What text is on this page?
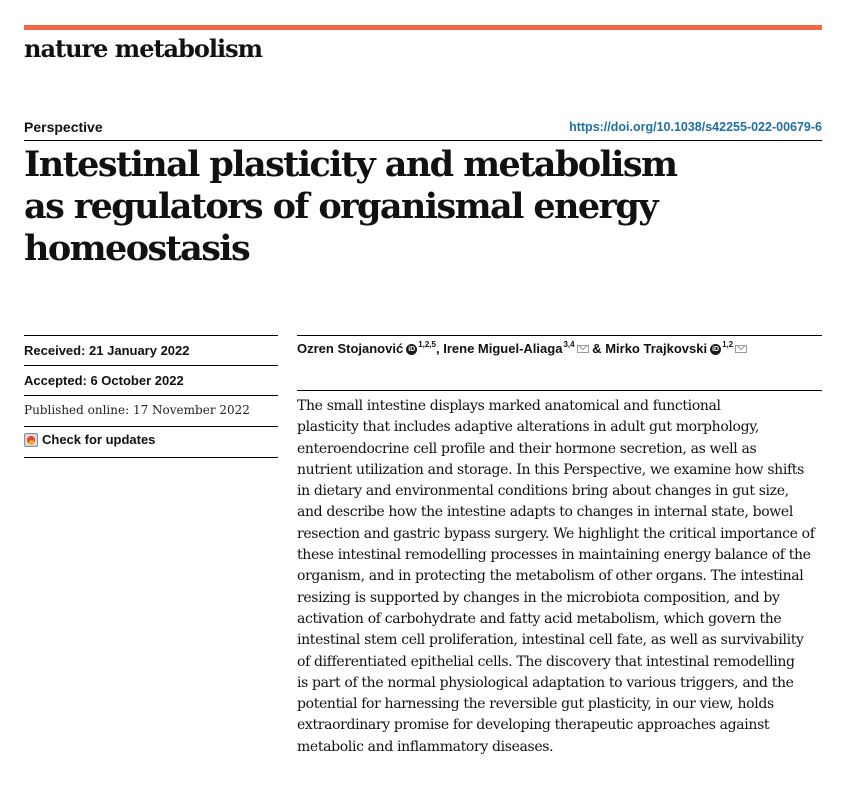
nature metabolism
Perspective	https://doi.org/10.1038/s42255-022-00679-6
Intestinal plasticity and metabolism
as regulators of organismal energy
homeostasis
Received: 21 January 2022
Accepted: 6 October 2022
Published online: 17 November 2022
Check for updates
Ozren Stojanović iD
$^{1,2,5}$ , Irene Miguel-Aliaga$^{3,4}$ & Mirko Trajkovski iD
$^{1,2}$

The small intestine displays marked anatomical and functional
plasticity that includes adaptive alterations in adult gut morphology,
enteroendocrine cell profile and their hormone secretion, as well as
nutrient utilization and storage. In this Perspective, we examine how shifts
in dietary and environmental conditions bring about changes in gut size,
and describe how the intestine adapts to changes in internal state, bowel
resection and gastric bypass surgery. We highlight the critical importance of
these intestinal remodelling processes in maintaining energy balance of the
organism, and in protecting the metabolism of other organs. The intestinal
resizing is supported by changes in the microbiota composition, and by
activation of carbohydrate and fatty acid metabolism, which govern the
intestinal stem cell proliferation, intestinal cell fate, as well as survivability
of differentiated epithelial cells. The discovery that intestinal remodelling
is part of the normal physiological adaptation to various triggers, and the
potential for harnessing the reversible gut plasticity, in our view, holds
extraordinary promise for developing therapeutic approaches against
metabolic and inflammatory diseases.
